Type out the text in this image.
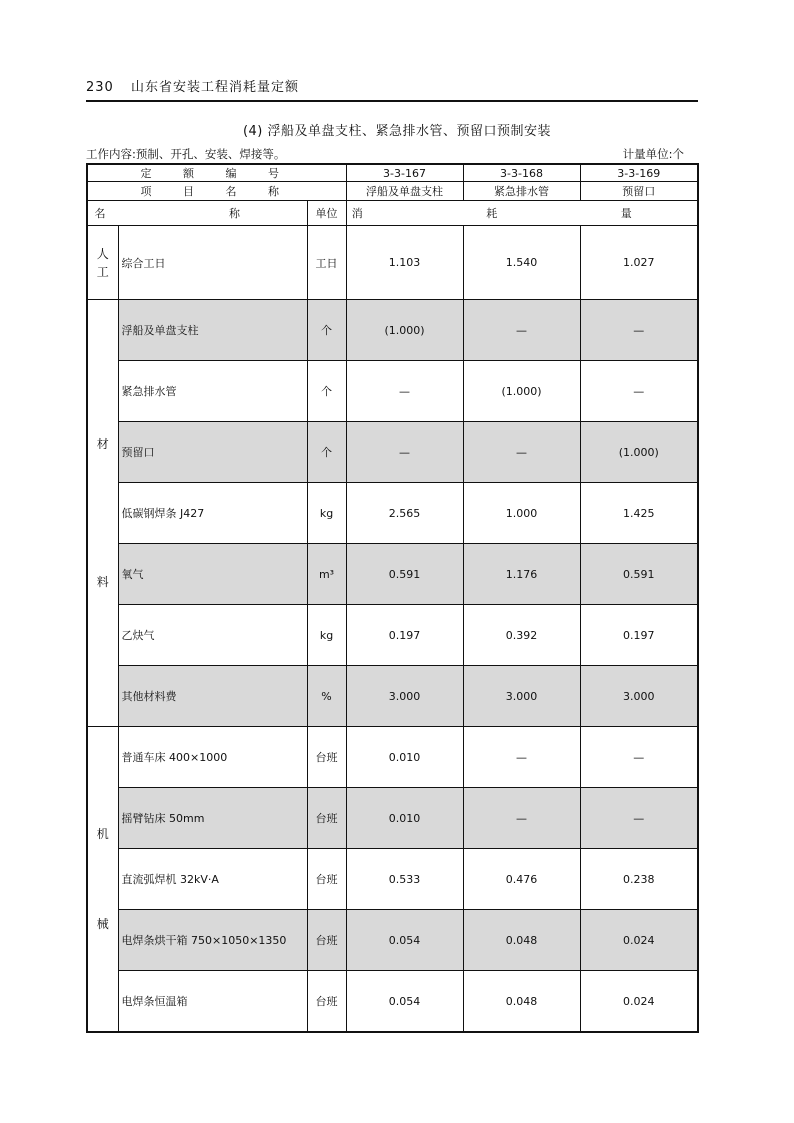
230 山东省安装工程消耗量定额
(4) 浮船及单盘支柱、紧急排水管、预留口预制安装
工作内容:预制、开孔、安装、焊接等。	计量单位:个
定 额 编 号			3-3-167	3-3-168	3-3-169
项 目 名 称			浮船及单盘支柱	紧急排水管	预留口
名 称		单位	消 耗 量		

人
工	综合工日	工日	1.103	1.540	1.027

材
料	浮船及单盘支柱	个	(1.000)	—	—
	紧急排水管	个	—	(1.000)	—
	预留口	个	—	—	(1.000)
	低碳钢焊条 J427	kg	2.565	1.000	1.425
	氧气	m³	0.591	1.176	0.591
	乙炔气	kg	0.197	0.392	0.197
	其他材料费	%	3.000	3.000	3.000

机
械	普通车床 400×1000	台班	0.010	—	—
	摇臂钻床 50mm	台班	0.010	—	—
	直流弧焊机 32kV·A	台班	0.533	0.476	0.238
	电焊条烘干箱 750×1050×1350	台班	0.054	0.048	0.024
	电焊条恒温箱	台班	0.054	0.048	0.024
